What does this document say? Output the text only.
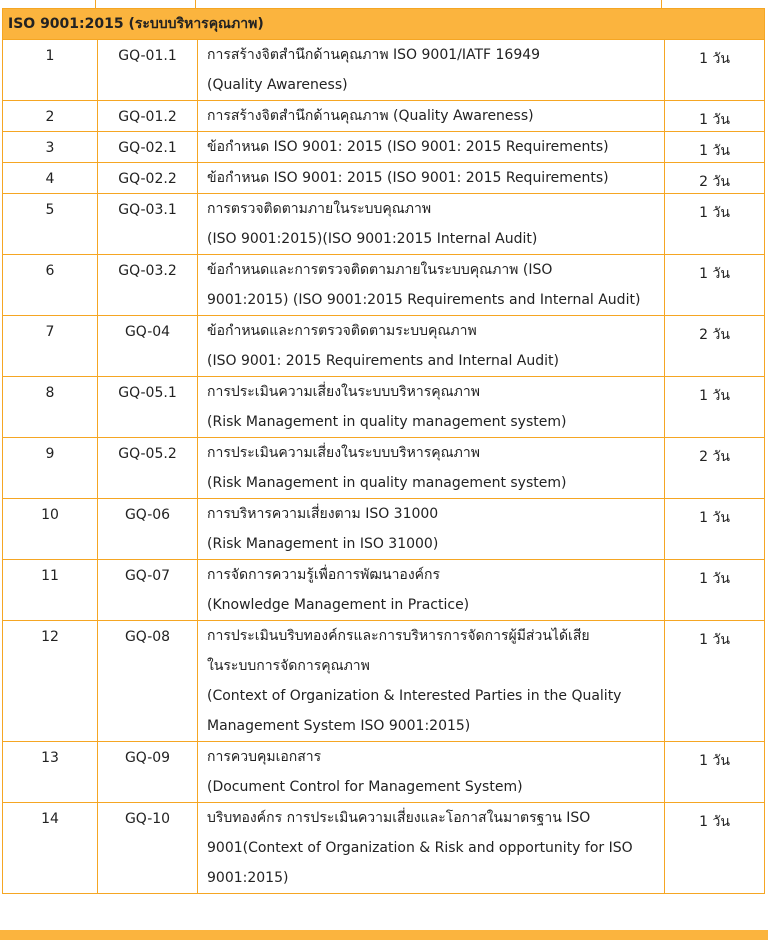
ISO 9001:2015 (ระบบบริหารคุณภาพ)			
1	GQ-01.1	การสร้างจิตสำนึกด้านคุณภาพ ISO 9001/IATF 16949
(Quality Awareness)	1 วัน
2	GQ-01.2	การสร้างจิตสำนึกด้านคุณภาพ (Quality Awareness)	1 วัน
3	GQ-02.1	ข้อกำหนด ISO 9001: 2015 (ISO 9001: 2015 Requirements)	1 วัน
4	GQ-02.2	ข้อกำหนด ISO 9001: 2015 (ISO 9001: 2015 Requirements)	2 วัน
5	GQ-03.1	การตรวจติดตามภายในระบบคุณภาพ
(ISO 9001:2015)(ISO 9001:2015 Internal Audit)	1 วัน
6	GQ-03.2	ข้อกำหนดและการตรวจติดตามภายในระบบคุณภาพ (ISO
9001:2015) (ISO 9001:2015 Requirements and Internal Audit)	1 วัน
7	GQ-04	ข้อกำหนดและการตรวจติดตามระบบคุณภาพ
(ISO 9001: 2015 Requirements and Internal Audit)	2 วัน
8	GQ-05.1	การประเมินความเสี่ยงในระบบบริหารคุณภาพ
(Risk Management in quality management system)	1 วัน
9	GQ-05.2	การประเมินความเสี่ยงในระบบบริหารคุณภาพ
(Risk Management in quality management system)	2 วัน
10	GQ-06	การบริหารความเสี่ยงตาม ISO 31000
(Risk Management in ISO 31000)	1 วัน
11	GQ-07	การจัดการความรู้เพื่อการพัฒนาองค์กร
(Knowledge Management in Practice)	1 วัน
12	GQ-08	การประเมินบริบทองค์กรและการบริหารการจัดการผู้มีส่วนได้เสีย
ในระบบการจัดการคุณภาพ
(Context of Organization & Interested Parties in the Quality
Management System ISO 9001:2015)	1 วัน
13	GQ-09	การควบคุมเอกสาร
(Document Control for Management System)	1 วัน
14	GQ-10	บริบทองค์กร การประเมินความเสี่ยงและโอกาสในมาตรฐาน ISO
9001(Context of Organization & Risk and opportunity for ISO
9001:2015)	1 วัน
